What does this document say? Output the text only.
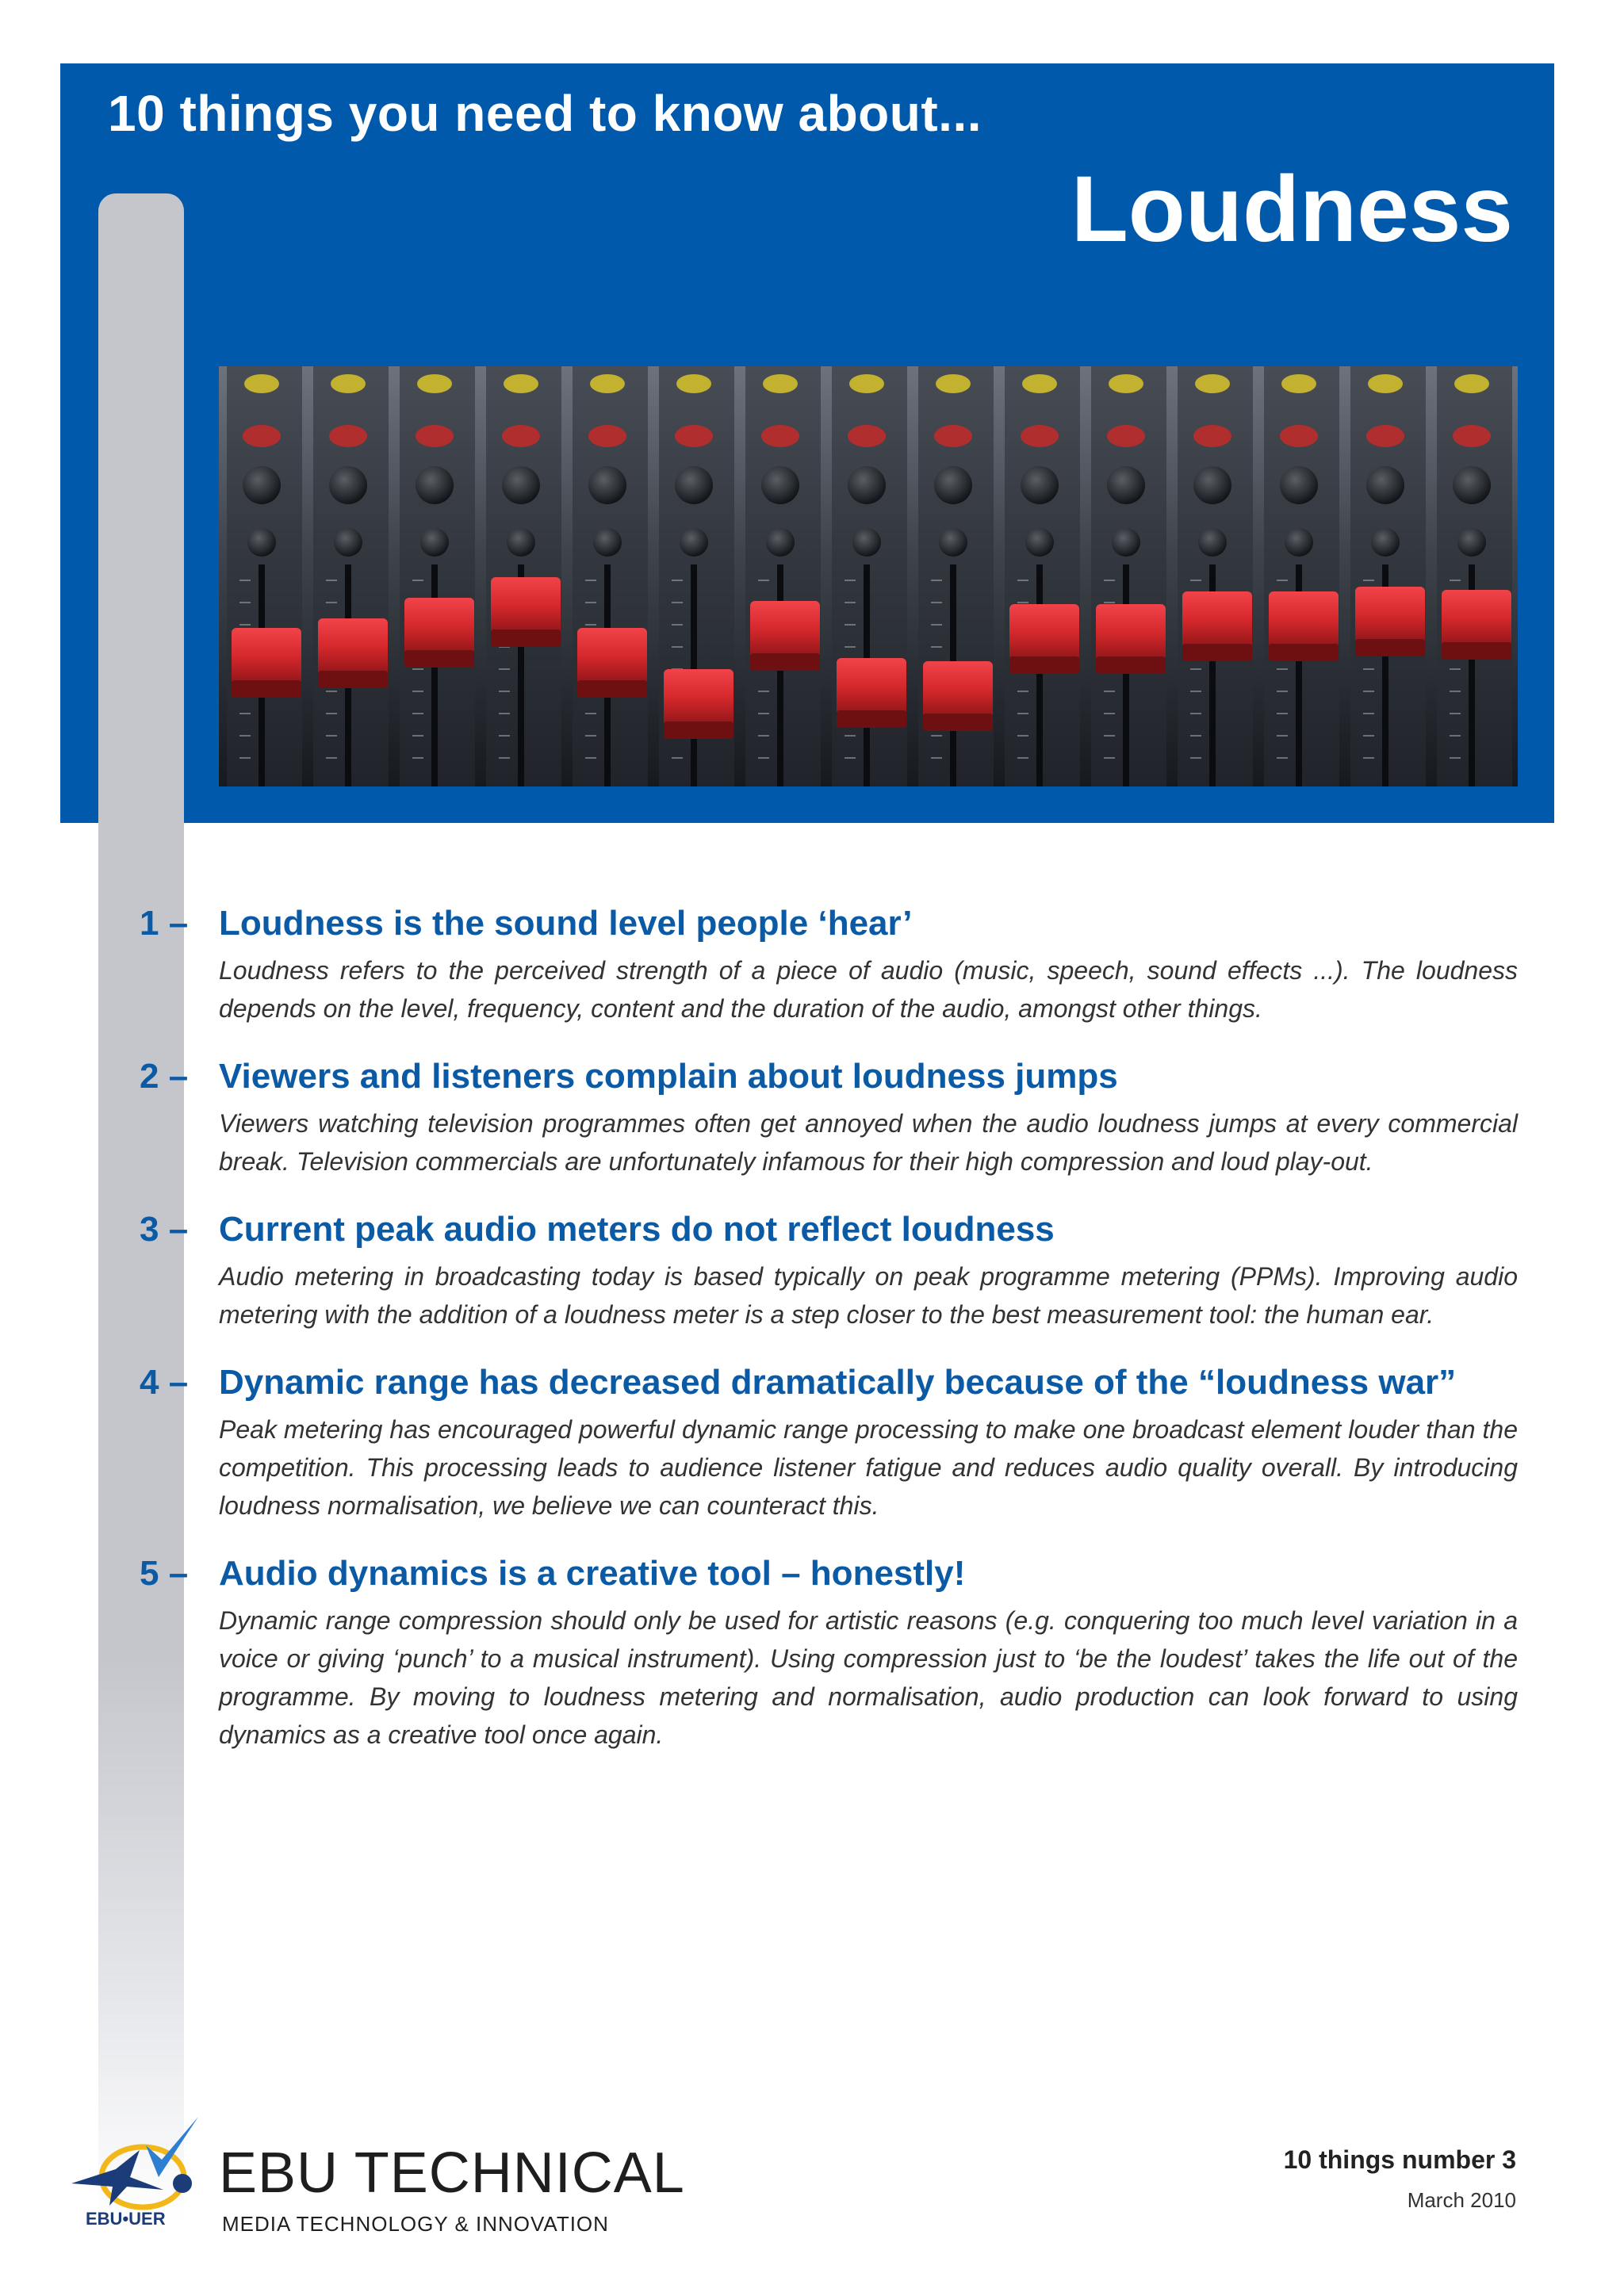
10 things you need to know about...
Loudness
1 – Loudness is the sound level people ‘hear’
Loudness refers to the perceived strength of a piece of audio (music, speech, sound effects ...). The loudness depends on the level, frequency, content and the duration of the audio, amongst other things.
2 – Viewers and listeners complain about loudness jumps
Viewers watching television programmes often get annoyed when the audio loudness jumps at every commercial break. Television commercials are unfortunately infamous for their high compression and loud play-out.
3 – Current peak audio meters do not reflect loudness
Audio metering in broadcasting today is based typically on peak programme metering (PPMs). Improving audio metering with the addition of a loudness meter is a step closer to the best measurement tool: the human ear.
4 – Dynamic range has decreased dramatically because of the “loudness war”
Peak metering has encouraged powerful dynamic range processing to make one broadcast element louder than the competition. This processing leads to audience listener fatigue and reduces audio quality overall. By introducing loudness normalisation, we believe we can counteract this.
5 – Audio dynamics is a creative tool – honestly!
Dynamic range compression should only be used for artistic reasons (e.g. conquering too much level variation in a voice or giving ‘punch’ to a musical instrument). Using compression just to ‘be the loudest’ takes the life out of the programme. By moving to loudness metering and normalisation, audio production can look forward to using dynamics as a creative tool once again.
EBU•UER
EBU TECHNICAL
MEDIA TECHNOLOGY & INNOVATION
10 things number 3
March 2010
